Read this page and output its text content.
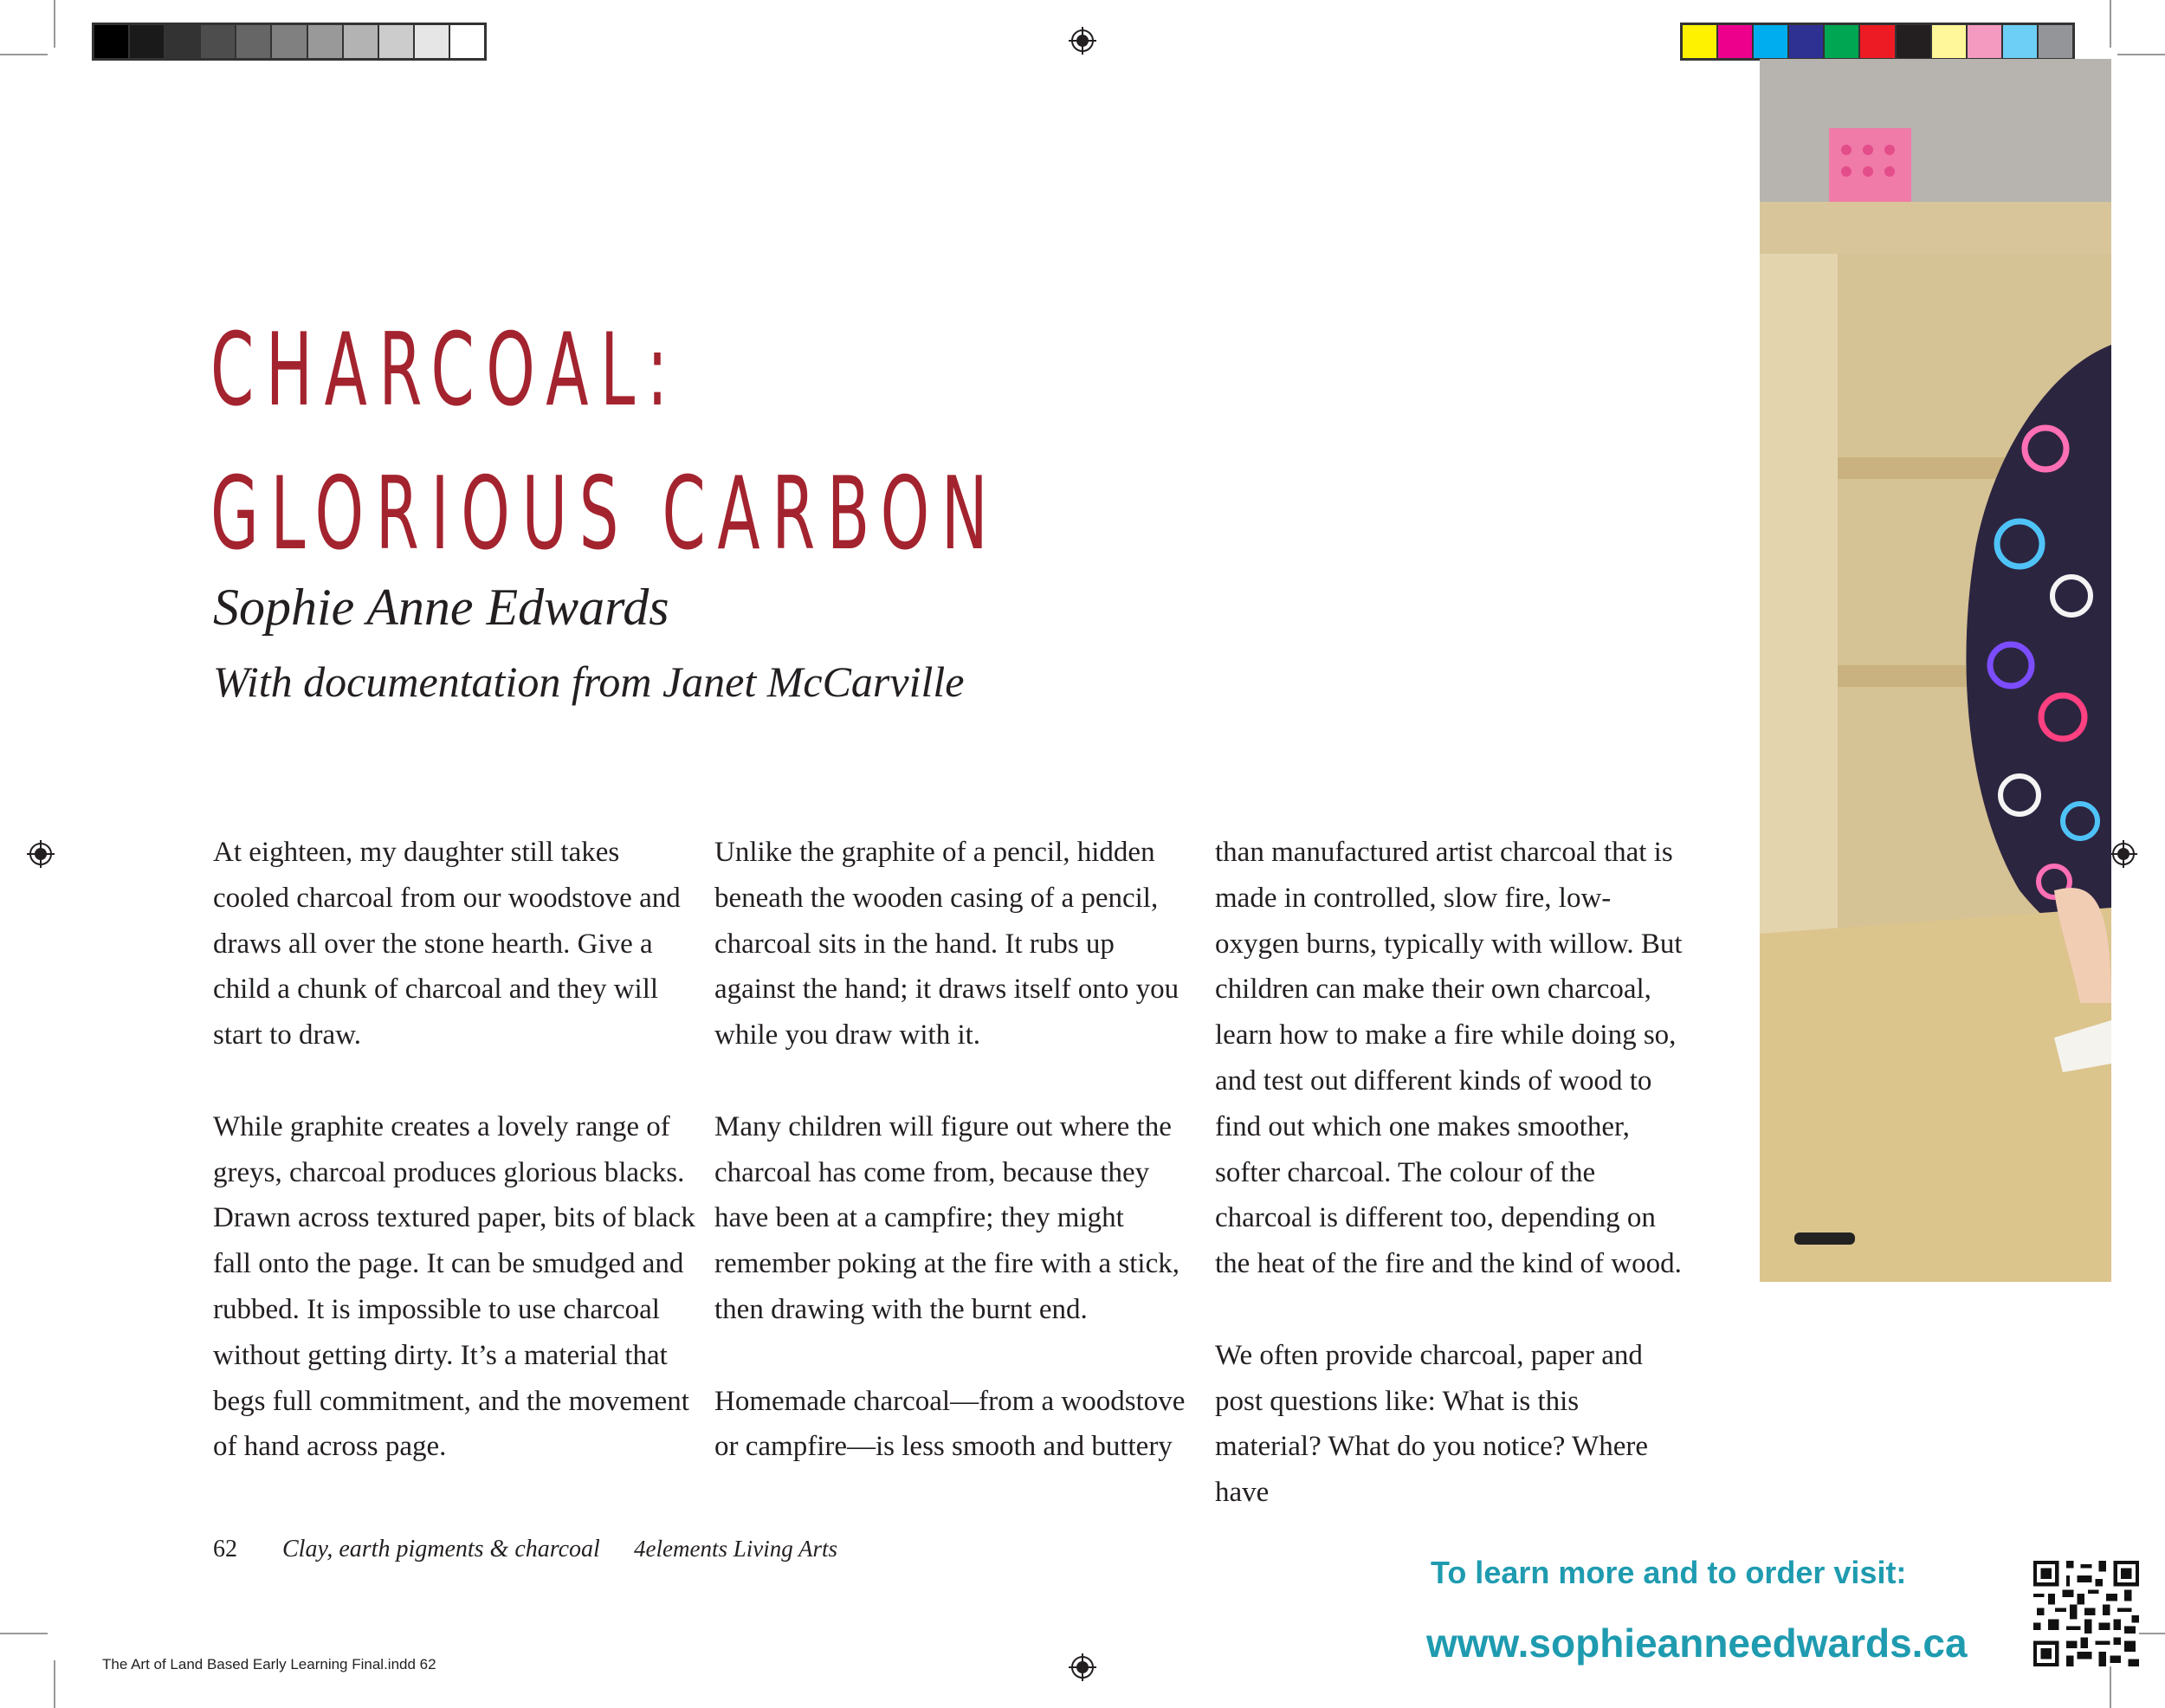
CHARCOAL:
GLORIOUS CARBON
Sophie Anne Edwards
With documentation from Janet McCarville

At eighteen, my daughter still takes cooled charcoal from our woodstove and draws all over the stone hearth. Give a child a chunk of charcoal and they will start to draw.

While graphite creates a lovely range of greys, charcoal produces glorious blacks. Drawn across textured paper, bits of black fall onto the page. It can be smudged and rubbed. It is impossible to use charcoal without getting dirty. It’s a material that begs full commitment, and the movement of hand across page.

Unlike the graphite of a pencil, hidden beneath the wooden casing of a pencil, charcoal sits in the hand. It rubs up against the hand; it draws itself onto you while you draw with it.

Many children will figure out where the charcoal has come from, because they have been at a campfire; they might remember poking at the fire with a stick, then drawing with the burnt end.

Homemade charcoal—from a woodstove or campfire—is less smooth and buttery

than manufactured artist charcoal that is made in controlled, slow fire, low-oxygen burns, typically with willow. But children can make their own charcoal, learn how to make a fire while doing so, and test out different kinds of wood to find out which one makes smoother, softer charcoal. The colour of the charcoal is different too, depending on the heat of the fire and the kind of wood.

We often provide charcoal, paper and post questions like: What is this material? What do you notice? Where have

62 Clay, earth pigments & charcoal 4elements Living Arts
The Art of Land Based Early Learning Final.indd 62
To learn more and to order visit:
www.sophieanneedwards.ca
